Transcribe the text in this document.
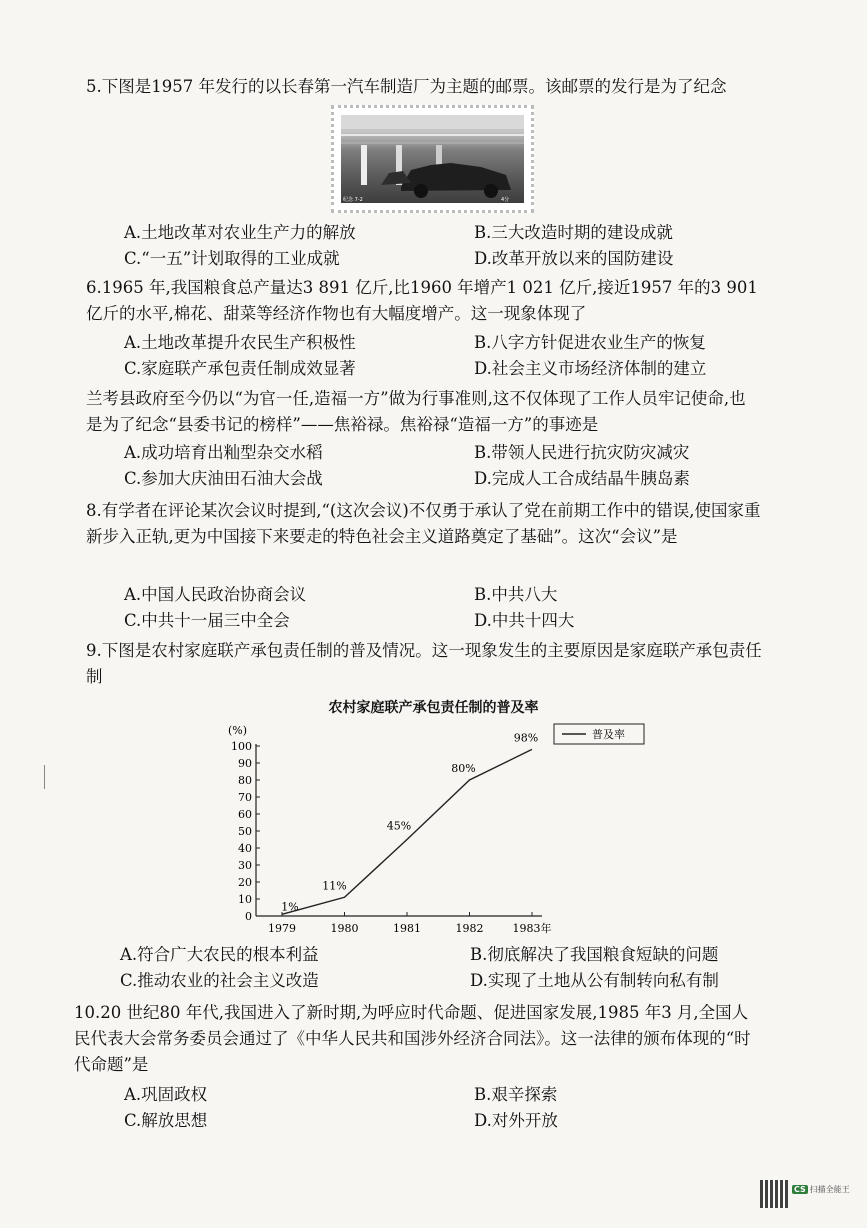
5.下图是1957 年发行的以长春第一汽车制造厂为主题的邮票。该邮票的发行是为了纪念

纪念 7-2	4分
A.土地改革对农业生产力的解放	B.三大改造时期的建设成就
C.“一五”计划取得的工业成就	D.改革开放以来的国防建设

6.1965 年,我国粮食总产量达3 891 亿斤,比1960 年增产1 021 亿斤,接近1957 年的3 901 亿斤的水平,棉花、甜菜等经济作物也有大幅度增产。这一现象体现了

A.土地改革提升农民生产积极性	B.八字方针促进农业生产的恢复
C.家庭联产承包责任制成效显著	D.社会主义市场经济体制的建立

兰考县政府至今仍以“为官一任,造福一方”做为行事准则,这不仅体现了工作人员牢记使命,也是为了纪念“县委书记的榜样”——焦裕禄。焦裕禄“造福一方”的事迹是

A.成功培育出籼型杂交水稻	B.带领人民进行抗灾防灾减灾
C.参加大庆油田石油大会战	D.完成人工合成结晶牛胰岛素

8.有学者在评论某次会议时提到,“(这次会议)不仅勇于承认了党在前期工作中的错误,使国家重新步入正轨,更为中国接下来要走的特色社会主义道路奠定了基础”。这次“会议”是

A.中国人民政治协商会议	B.中共八大
C.中共十一届三中全会	D.中共十四大

9.下图是农村家庭联产承包责任制的普及情况。这一现象发生的主要原因是家庭联产承包责任制

农村家庭联产承包责任制的普及率
(%)
0
10
20
30
40
50
60
70
80
90
100
1979	1980	1981	1982	1983年
1%
11%
45%
80%
98%	普及率
A.符合广大农民的根本利益	B.彻底解决了我国粮食短缺的问题
C.推动农业的社会主义改造	D.实现了土地从公有制转向私有制

10.20 世纪80 年代,我国进入了新时期,为呼应时代命题、促进国家发展,1985 年3 月,全国人民代表大会常务委员会通过了《中华人民共和国涉外经济合同法》。这一法律的颁布体现的“时代命题”是

A.巩固政权	B.艰辛探索
C.解放思想	D.对外开放
CS 扫描全能王
